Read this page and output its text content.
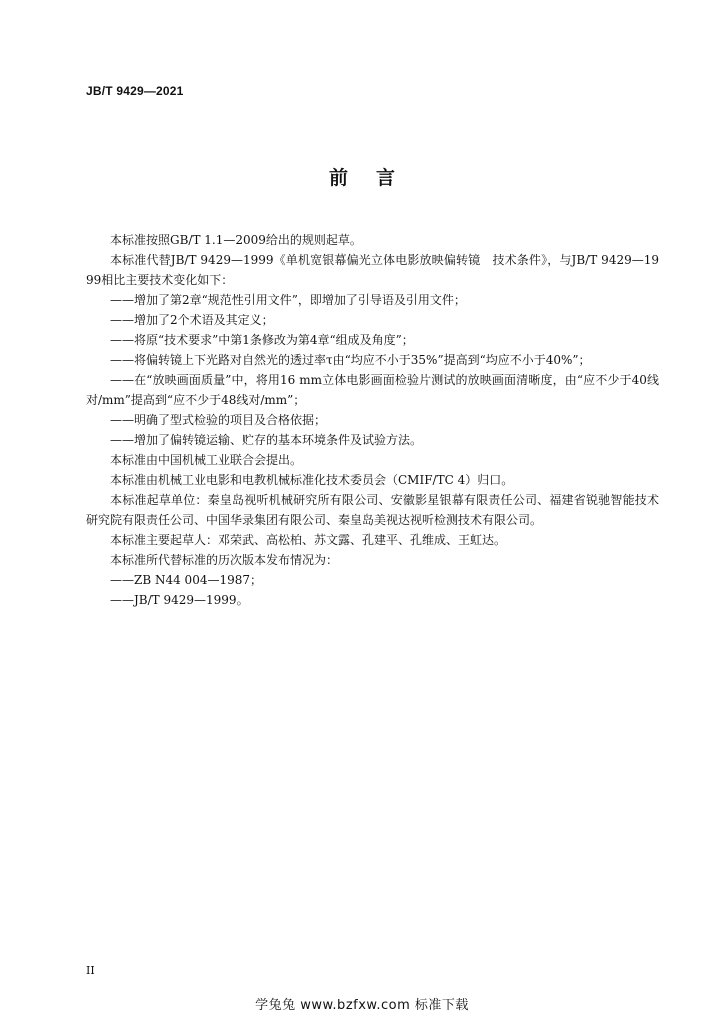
JB/T 9429—2021
前言

本标准按照GB/T 1.1—2009给出的规则起草。

本标准代替JB/T 9429—1999《单机宽银幕偏光立体电影放映偏转镜　技术条件》，与JB/T 9429—1999相比主要技术变化如下：

——增加了第2章“规范性引用文件”，即增加了引导语及引用文件；

——增加了2个术语及其定义；

——将原“技术要求”中第1条修改为第4章“组成及角度”；

——将偏转镜上下光路对自然光的透过率τ由“均应不小于35%”提高到“均应不小于40%”；

——在“放映画面质量”中，将用16 mm立体电影画面检验片测试的放映画面清晰度，由“应不少于40线对/mm”提高到“应不少于48线对/mm”；

——明确了型式检验的项目及合格依据；

——增加了偏转镜运输、贮存的基本环境条件及试验方法。

本标准由中国机械工业联合会提出。

本标准由机械工业电影和电教机械标准化技术委员会（CMIF/TC 4）归口。

本标准起草单位：秦皇岛视听机械研究所有限公司、安徽影星银幕有限责任公司、福建省锐驰智能技术研究院有限责任公司、中国华录集团有限公司、秦皇岛美视达视听检测技术有限公司。

本标准主要起草人：邓荣武、高松柏、苏文露、孔建平、孔维成、王虹达。

本标准所代替标准的历次版本发布情况为：

——ZB N44 004—1987；

——JB/T 9429—1999。

II
学兔兔 www.bzfxw.com 标准下载
